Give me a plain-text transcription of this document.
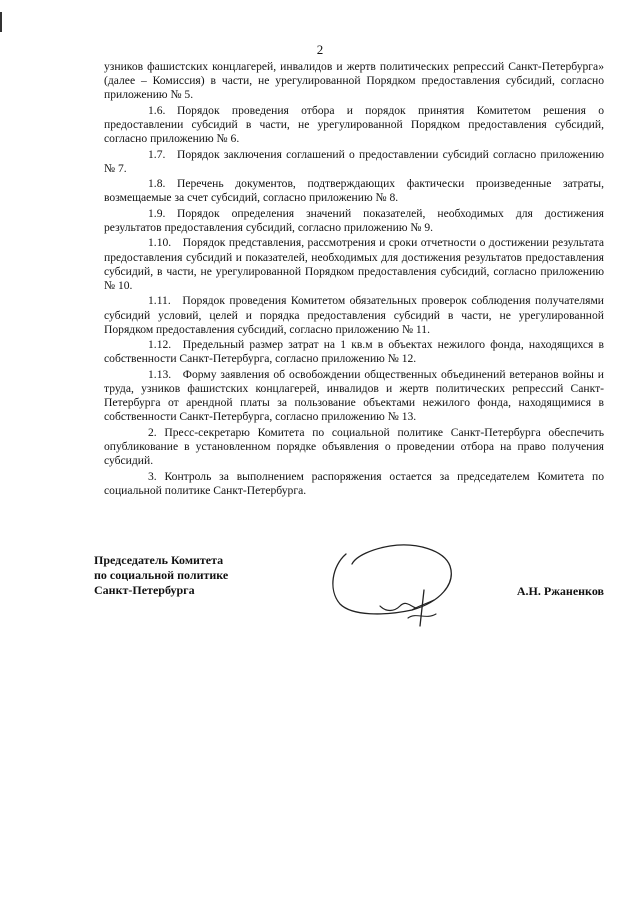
2

узников фашистских концлагерей, инвалидов и жертв политических репрессий Санкт-Петербурга» (далее – Комиссия) в части, не урегулированной Порядком предоставления субсидий, согласно приложению № 5.

1.6. Порядок проведения отбора и порядок принятия Комитетом решения о предоставлении субсидий в части, не урегулированной Порядком предоставления субсидий, согласно приложению № 6.

1.7. Порядок заключения соглашений о предоставлении субсидий согласно приложению № 7.

1.8. Перечень документов, подтверждающих фактически произведенные затраты, возмещаемые за счет субсидий, согласно приложению № 8.

1.9. Порядок определения значений показателей, необходимых для достижения результатов предоставления субсидий, согласно приложению № 9.

1.10. Порядок представления, рассмотрения и сроки отчетности о достижении результата предоставления субсидий и показателей, необходимых для достижения результатов предоставления субсидий, в части, не урегулированной Порядком предоставления субсидий, согласно приложению № 10.

1.11. Порядок проведения Комитетом обязательных проверок соблюдения получателями субсидий условий, целей и порядка предоставления субсидий в части, не урегулированной Порядком предоставления субсидий, согласно приложению № 11.

1.12. Предельный размер затрат на 1 кв.м в объектах нежилого фонда, находящихся в собственности Санкт-Петербурга, согласно приложению № 12.

1.13. Форму заявления об освобождении общественных объединений ветеранов войны и труда, узников фашистских концлагерей, инвалидов и жертв политических репрессий Санкт-Петербурга от арендной платы за пользование объектами нежилого фонда, находящимися в собственности Санкт-Петербурга, согласно приложению № 13.

2. Пресс-секретарю Комитета по социальной политике Санкт-Петербурга обеспечить опубликование в установленном порядке объявления о проведении отбора на право получения субсидий.

3. Контроль за выполнением распоряжения остается за председателем Комитета по социальной политике Санкт-Петербурга.

Председатель Комитета
по социальной политике
Санкт-Петербурга	А.Н. Ржаненков
